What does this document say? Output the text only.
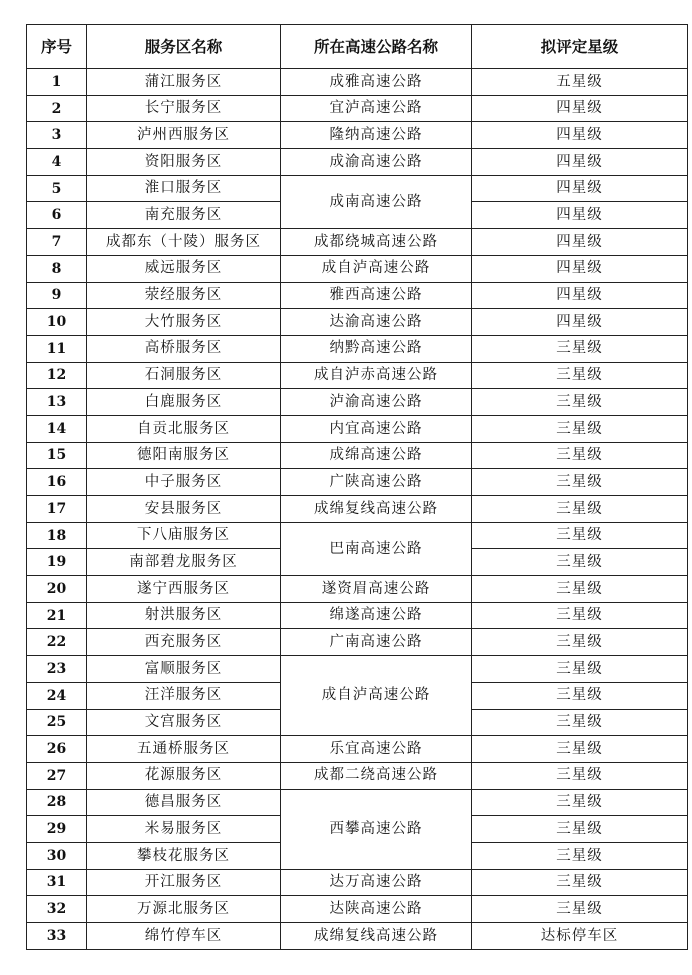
序号	服务区名称	所在高速公路名称	拟评定星级
1	蒲江服务区	成雅高速公路	五星级
2	长宁服务区	宜泸高速公路	四星级
3	泸州西服务区	隆纳高速公路	四星级
4	资阳服务区	成渝高速公路	四星级
5	淮口服务区	成南高速公路	四星级
6	南充服务区		四星级
7	成都东（十陵）服务区	成都绕城高速公路	四星级
8	威远服务区	成自泸高速公路	四星级
9	荥经服务区	雅西高速公路	四星级
10	大竹服务区	达渝高速公路	四星级
11	高桥服务区	纳黔高速公路	三星级
12	石洞服务区	成自泸赤高速公路	三星级
13	白鹿服务区	泸渝高速公路	三星级
14	自贡北服务区	内宜高速公路	三星级
15	德阳南服务区	成绵高速公路	三星级
16	中子服务区	广陕高速公路	三星级
17	安县服务区	成绵复线高速公路	三星级
18	下八庙服务区	巴南高速公路	三星级
19	南部碧龙服务区		三星级
20	遂宁西服务区	遂资眉高速公路	三星级
21	射洪服务区	绵遂高速公路	三星级
22	西充服务区	广南高速公路	三星级
23	富顺服务区	成自泸高速公路	三星级
24	汪洋服务区		三星级
25	文宫服务区		三星级
26	五通桥服务区	乐宜高速公路	三星级
27	花源服务区	成都二绕高速公路	三星级
28	德昌服务区	西攀高速公路	三星级
29	米易服务区		三星级
30	攀枝花服务区		三星级
31	开江服务区	达万高速公路	三星级
32	万源北服务区	达陕高速公路	三星级
33	绵竹停车区	成绵复线高速公路	达标停车区
